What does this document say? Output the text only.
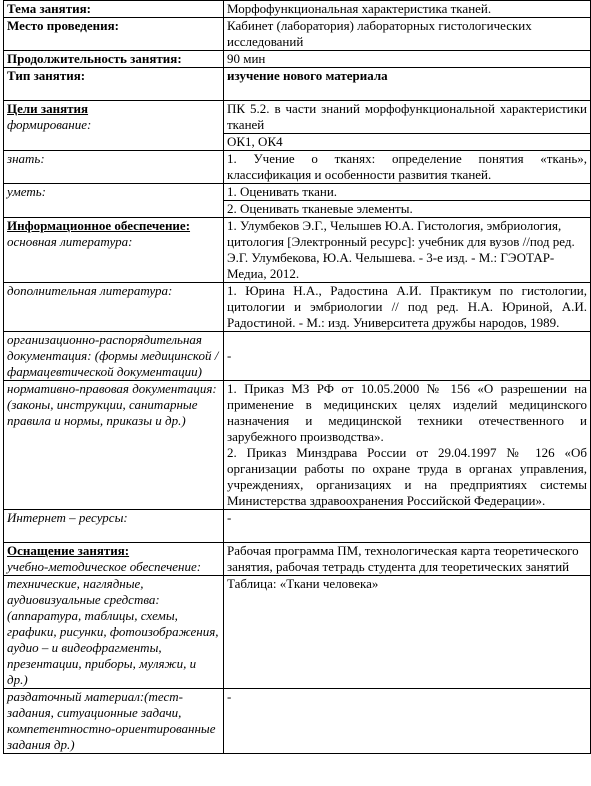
Тема занятия:	Морфофункциональная характеристика тканей.
Место проведения:	Кабинет (лаборатория) лабораторных гистологических исследований
Продолжительность занятия:	90 мин
Тип занятия:	изучение нового материала

Цели занятия
формирование:	ПК 5.2. в части знаний морфофункциональной характеристики тканей
	ОК1, ОК4
знать:	1. Учение о тканях: определение понятия «ткань», классификация и особенности развития тканей.
уметь:	1. Оценивать ткани.
	2. Оценивать тканевые элементы.

Информационное обеспечение:
основная литература:	1. Улумбеков Э.Г., Челышев Ю.А. Гистология, эмбриология, цитология [Электронный ресурс]: учебник для вузов //под ред. Э.Г. Улумбекова, Ю.А. Челышева. - 3-е изд. - М.: ГЭОТАР-Медиа, 2012.
дополнительная литература:	1. Юрина Н.А., Радостина А.И. Практикум по гистологии, цитологии и эмбриологии // под ред. Н.А. Юриной, А.И. Радостиной. - М.: изд. Университета дружбы народов, 1989.
организационно-распорядительная документация: (формы медицинской /фармацевтической документации)	-
нормативно-правовая документация: (законы, инструкции, санитарные правила и нормы, приказы и др.)	1. Приказ МЗ РФ от 10.05.2000 № 156 «О разрешении на применение в медицинских целях изделий медицинского назначения и медицинской техники отечественного и зарубежного производства».
2. Приказ Минздрава России от 29.04.1997 № 126 «Об организации работы по охране труда в органах управления, учреждениях, организациях и на предприятиях системы Министерства здравоохранения Российской Федерации».

Интернет – ресурсы:	-

Оснащение занятия:
учебно-методическое обеспечение:	Рабочая программа ПМ, технологическая карта теоретического занятия, рабочая тетрадь студента для теоретических занятий
технические, наглядные, аудиовизуальные средства: (аппаратура, таблицы, схемы, графики, рисунки, фотоизображения, аудио – и видеофрагменты, презентации, приборы, муляжи, и др.)	Таблица: «Ткани человека»
раздаточный материал:(тест-задания, ситуационные задачи, компетентностно-ориентированные задания др.)	-
